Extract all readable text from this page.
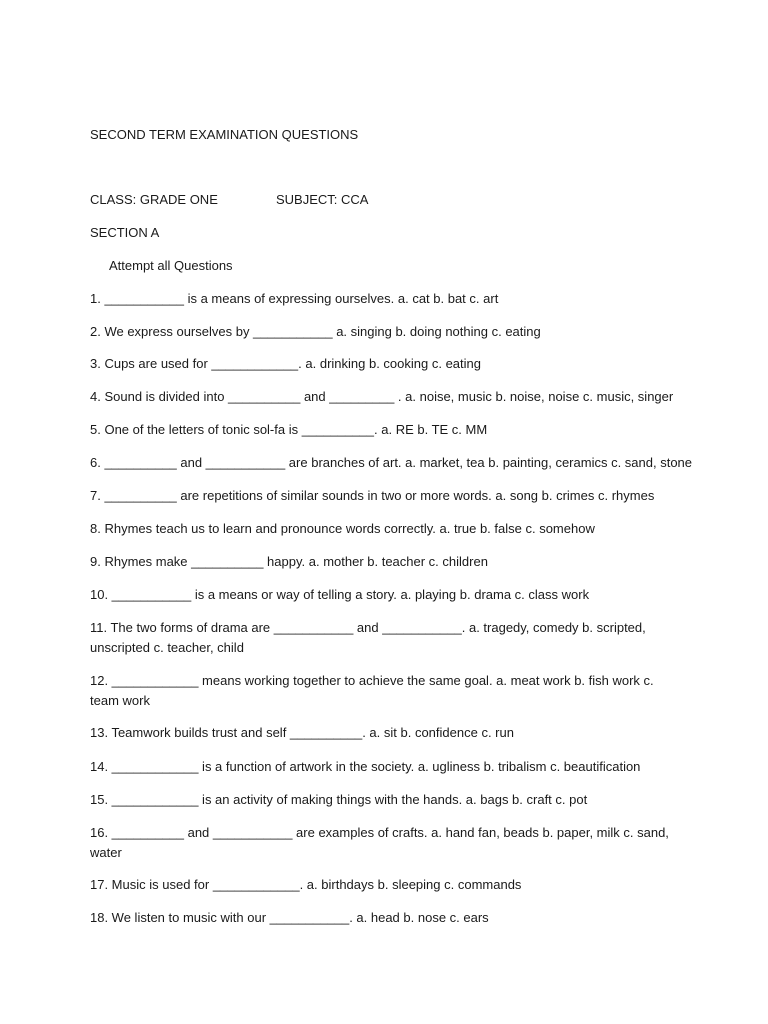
SECOND TERM EXAMINATION QUESTIONS
CLASS: GRADE ONE	SUBJECT: CCA
SECTION A
Attempt all Questions
1. ___________ is a means of expressing ourselves. a. cat b. bat c. art
2. We express ourselves by ___________ a. singing b. doing nothing c. eating
3. Cups are used for ____________. a. drinking b. cooking c. eating
4. Sound is divided into __________ and _________ . a. noise, music b. noise, noise c. music, singer
5. One of the letters of tonic sol-fa is __________. a. RE b. TE c. MM
6. __________ and ___________ are branches of art. a. market, tea b. painting, ceramics c. sand, stone
7. __________ are repetitions of similar sounds in two or more words. a. song b. crimes c. rhymes
8. Rhymes teach us to learn and pronounce words correctly. a. true b. false c. somehow
9. Rhymes make __________ happy. a. mother b. teacher c. children
10. ___________ is a means or way of telling a story. a. playing b. drama c. class work
11. The two forms of drama are ___________ and ___________. a. tragedy, comedy b. scripted, unscripted c. teacher, child
12. ____________ means working together to achieve the same goal. a. meat work b. fish work c. team work
13. Teamwork builds trust and self __________. a. sit b. confidence c. run
14. ____________ is a function of artwork in the society. a. ugliness b. tribalism c. beautification
15. ____________ is an activity of making things with the hands. a. bags b. craft c. pot
16. __________ and ___________ are examples of crafts. a. hand fan, beads b. paper, milk c. sand, water
17. Music is used for ____________. a. birthdays b. sleeping c. commands
18. We listen to music with our ___________. a. head b. nose c. ears
